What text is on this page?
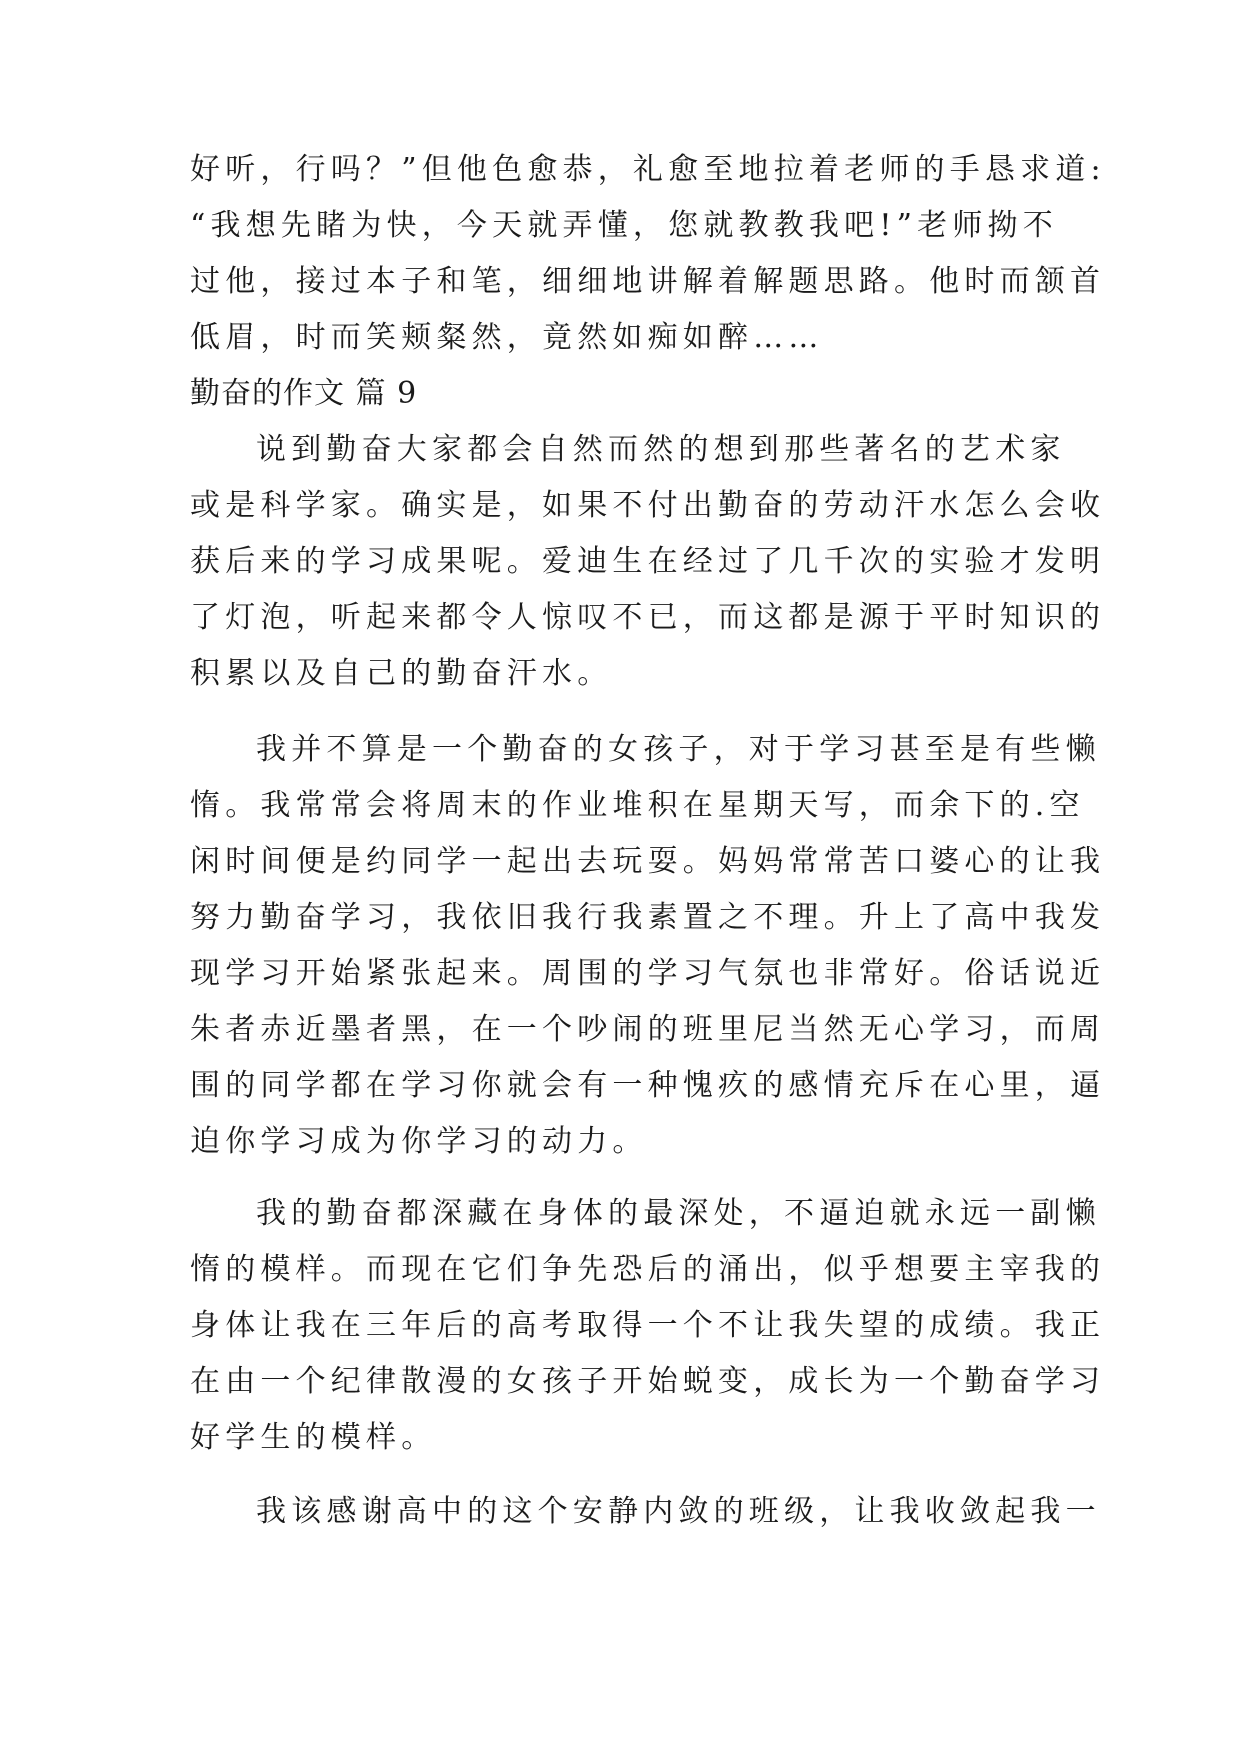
好听，行吗？”但他色愈恭，礼愈至地拉着老师的手恳求道:
“我想先睹为快，今天就弄懂，您就教教我吧!”老师拗不
过他，接过本子和笔，细细地讲解着解题思路。他时而颔首
低眉，时而笑颊粲然，竟然如痴如醉……
勤奋的作文 篇 9
说到勤奋大家都会自然而然的想到那些著名的艺术家
或是科学家。确实是，如果不付出勤奋的劳动汗水怎么会收
获后来的学习成果呢。爱迪生在经过了几千次的实验才发明
了灯泡，听起来都令人惊叹不已，而这都是源于平时知识的
积累以及自己的勤奋汗水。
我并不算是一个勤奋的女孩子，对于学习甚至是有些懒
惰。我常常会将周末的作业堆积在星期天写，而余下的.空
闲时间便是约同学一起出去玩耍。妈妈常常苦口婆心的让我
努力勤奋学习，我依旧我行我素置之不理。升上了高中我发
现学习开始紧张起来。周围的学习气氛也非常好。俗话说近
朱者赤近墨者黑，在一个吵闹的班里尼当然无心学习，而周
围的同学都在学习你就会有一种愧疚的感情充斥在心里，逼
迫你学习成为你学习的动力。
我的勤奋都深藏在身体的最深处，不逼迫就永远一副懒
惰的模样。而现在它们争先恐后的涌出，似乎想要主宰我的
身体让我在三年后的高考取得一个不让我失望的成绩。我正
在由一个纪律散漫的女孩子开始蜕变，成长为一个勤奋学习
好学生的模样。
我该感谢高中的这个安静内敛的班级，让我收敛起我一
